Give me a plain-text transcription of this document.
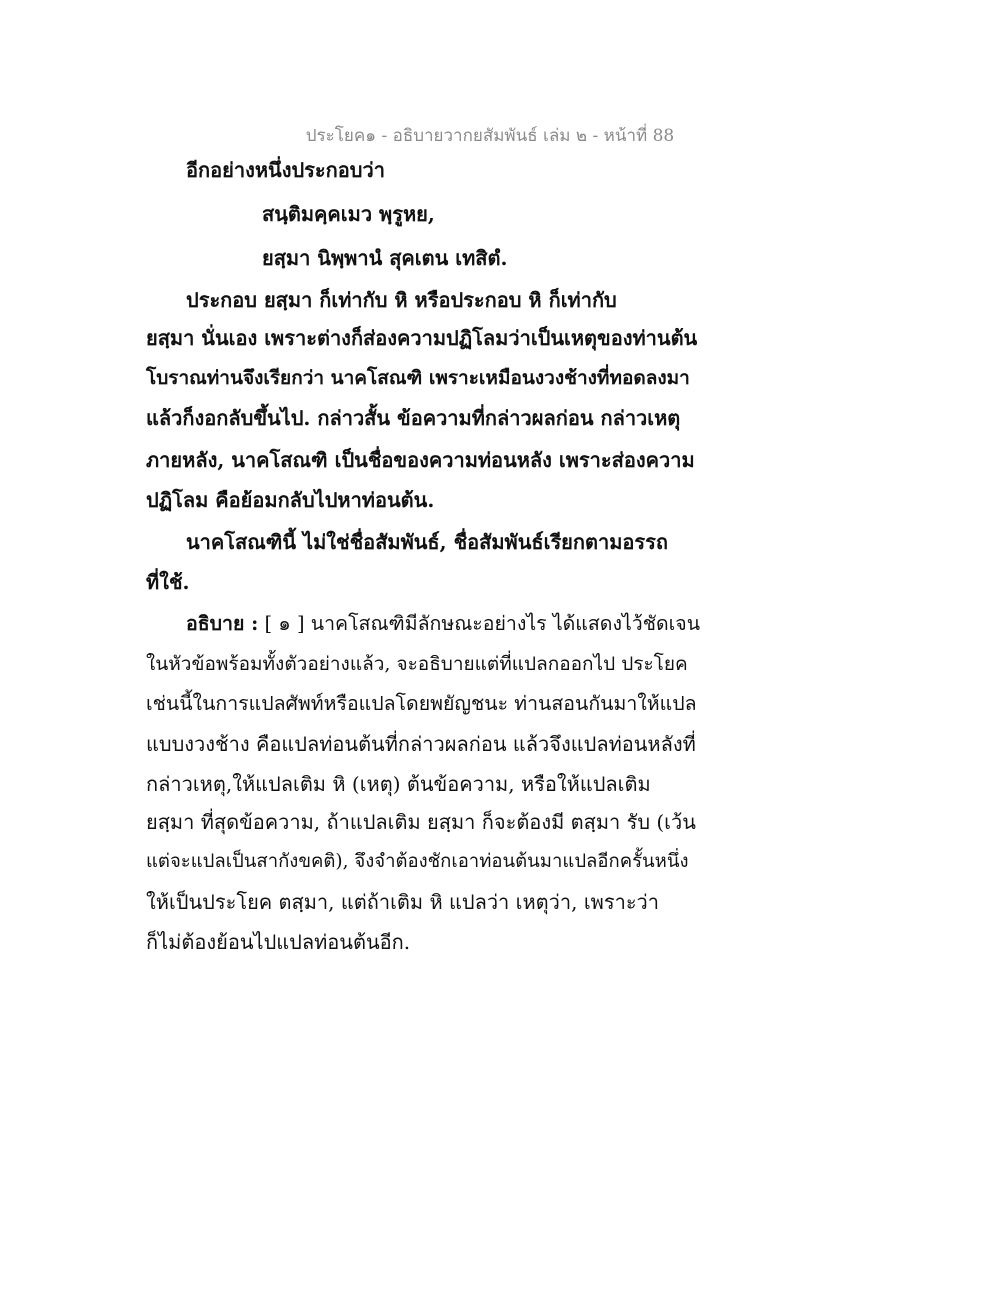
ประโยค๑ - อธิบายวากยสัมพันธ์ เล่ม ๒ - หน้าที่ 88
อีกอย่างหนึ่งประกอบว่า
สนฺติมคฺคเมว พฺรูหย,
ยสฺมา นิพฺพานํ สุคเตน เทสิตํ.
ประกอบ ยสฺมา ก็เท่ากับ หิ หรือประกอบ หิ ก็เท่ากับ
ยสฺมา นั่นเอง เพราะต่างก็ส่องความปฏิโลมว่าเป็นเหตุของท่านต้น
โบราณท่านจึงเรียกว่า นาคโสณฑิ เพราะเหมือนงวงช้างที่ทอดลงมา
แล้วก็งอกลับขึ้นไป. กล่าวสั้น ข้อความที่กล่าวผลก่อน กล่าวเหตุ
ภายหลัง, นาคโสณฑิ เป็นชื่อของความท่อนหลัง เพราะส่องความ
ปฏิโลม คือย้อมกลับไปหาท่อนต้น.
นาคโสณฑินี้ ไม่ใช่ชื่อสัมพันธ์, ชื่อสัมพันธ์เรียกตามอรรถ
ที่ใช้.
อธิบาย : [ ๑ ] นาคโสณฑิมีลักษณะอย่างไร ได้แสดงไว้ชัดเจน
ในหัวข้อพร้อมทั้งตัวอย่างแล้ว, จะอธิบายแต่ที่แปลกออกไป ประโยค
เช่นนี้ในการแปลศัพท์หรือแปลโดยพยัญชนะ ท่านสอนกันมาให้แปล
แบบงวงช้าง คือแปลท่อนต้นที่กล่าวผลก่อน แล้วจึงแปลท่อนหลังที่
กล่าวเหตุ,ให้แปลเติม หิ (เหตุ) ต้นข้อความ, หรือให้แปลเติม
ยสฺมา ที่สุดข้อความ, ถ้าแปลเติม ยสฺมา ก็จะต้องมี ตสฺมา รับ (เว้น
แต่จะแปลเป็นสากังขคติ), จึงจำต้องชักเอาท่อนต้นมาแปลอีกครั้นหนึ่ง
ให้เป็นประโยค ตสฺมา, แต่ถ้าเติม หิ แปลว่า เหตุว่า, เพราะว่า
ก็ไม่ต้องย้อนไปแปลท่อนต้นอีก.
